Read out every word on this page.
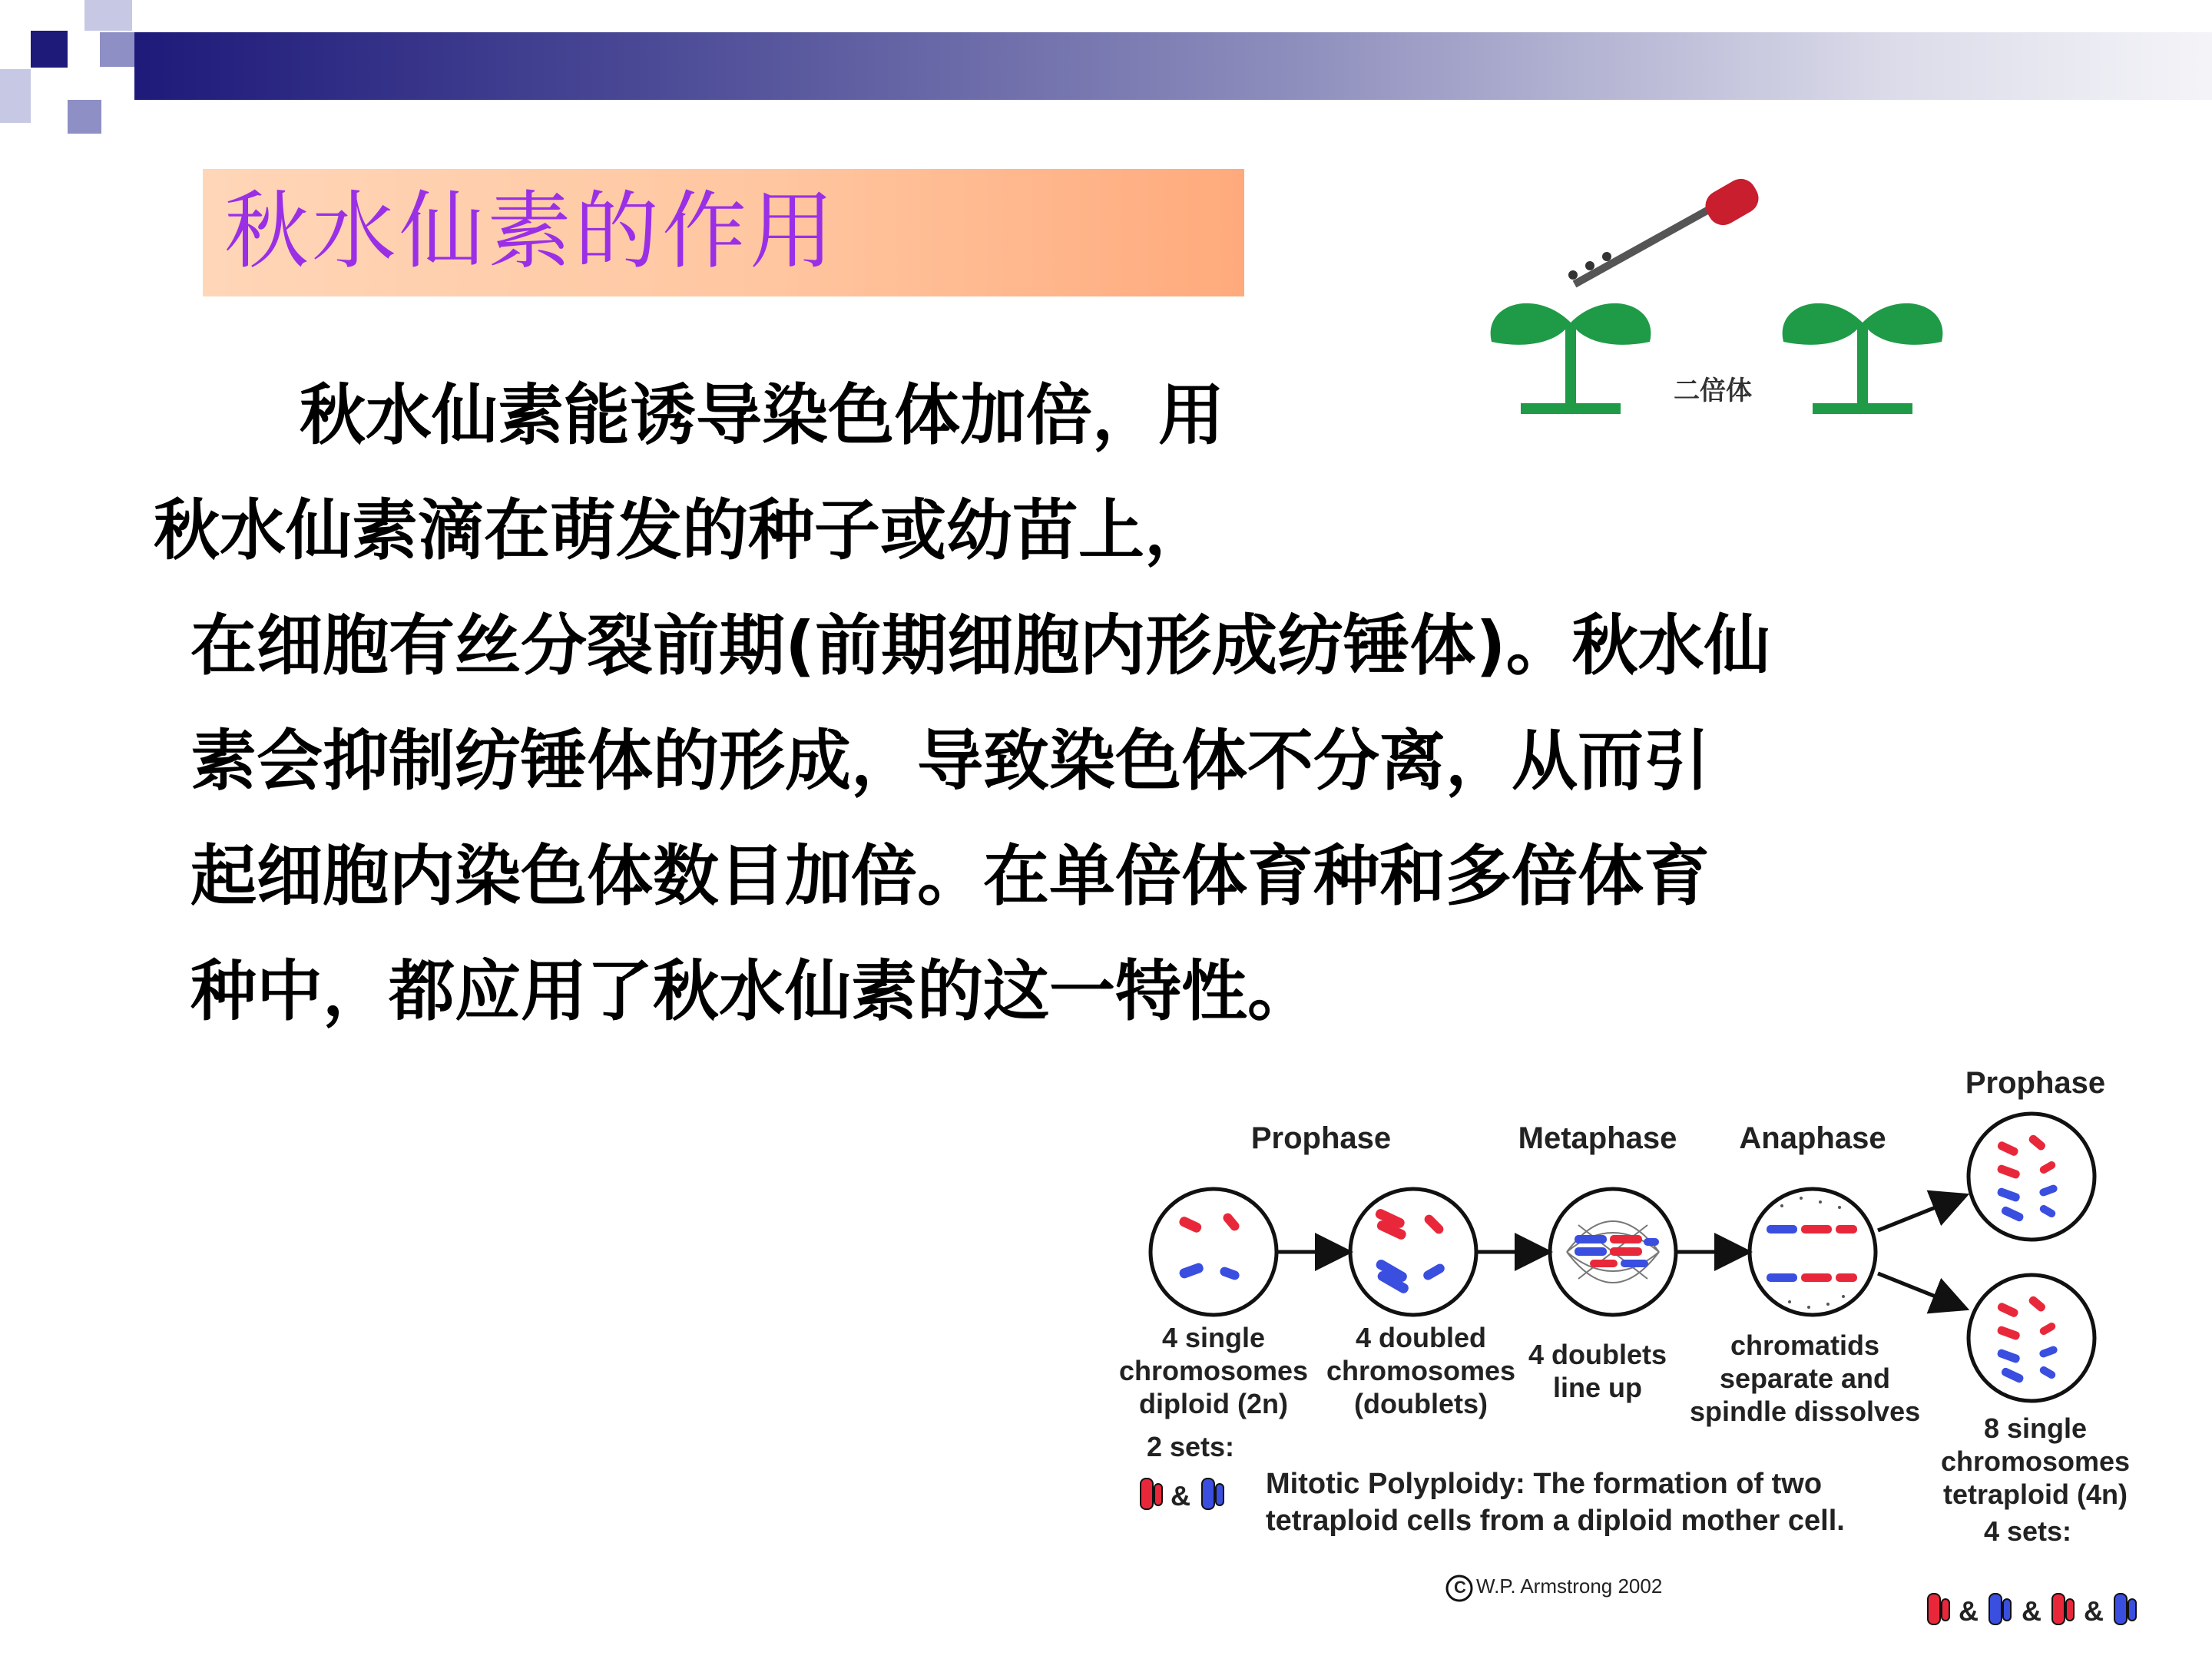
秋水仙素的作用
秋水仙素能诱导染色体加倍，用
秋水仙素滴在萌发的种子或幼苗上，
在细胞有丝分裂前期(前期细胞内形成纺锤体)。秋水仙
素会抑制纺锤体的形成，导致染色体不分离，从而引
起细胞内染色体数目加倍。在单倍体育种和多倍体育
种中，都应用了秋水仙素的这一特性。
二倍体
Prophase
Prophase	Metaphase	Anaphase
4 single
chromosomes
diploid (2n)
4 doubled
chromosomes
(doublets)
4 doublets
line up
chromatids
separate and
spindle dissolves
8 single
chromosomes
tetraploid (4n)
2 sets:
&
4 sets:
& & &
Mitotic Polyploidy: The formation of two
tetraploid cells from a diploid mother cell.
C W.P. Armstrong 2002
